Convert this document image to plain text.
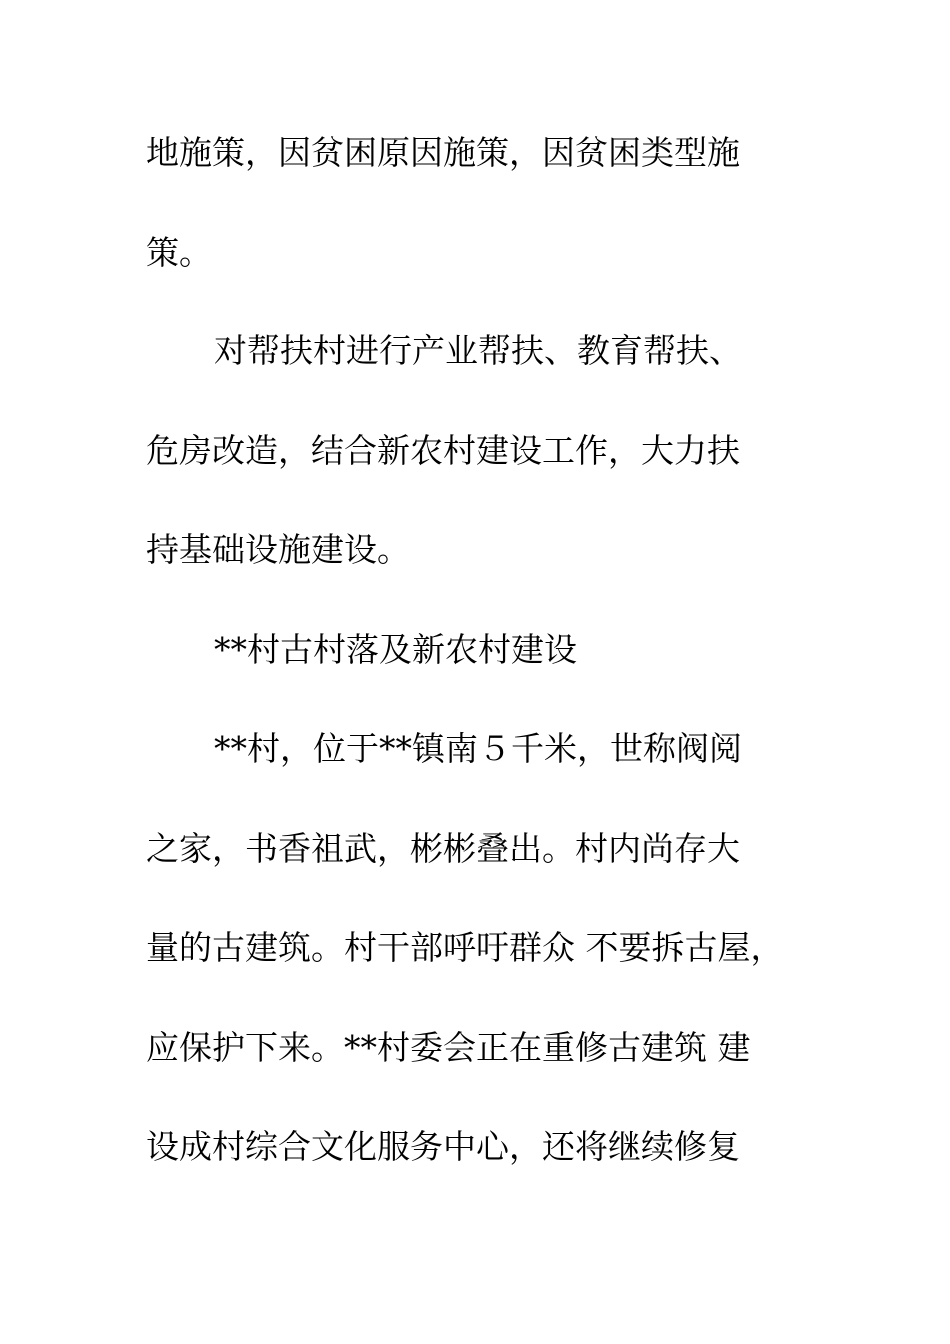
地施策，因贫困原因施策，因贫困类型施
策。
对帮扶村进行产业帮扶、教育帮扶、
危房改造，结合新农村建设工作，大力扶
持基础设施建设。
**村古村落及新农村建设
**村，位于**镇南５千米，世称阀阅
之家，书香祖武，彬彬叠出。村内尚存大
量的古建筑。村干部呼吁群众 不要拆古屋，
应保护下来。**村委会正在重修古建筑 建
设成村综合文化服务中心，还将继续修复
